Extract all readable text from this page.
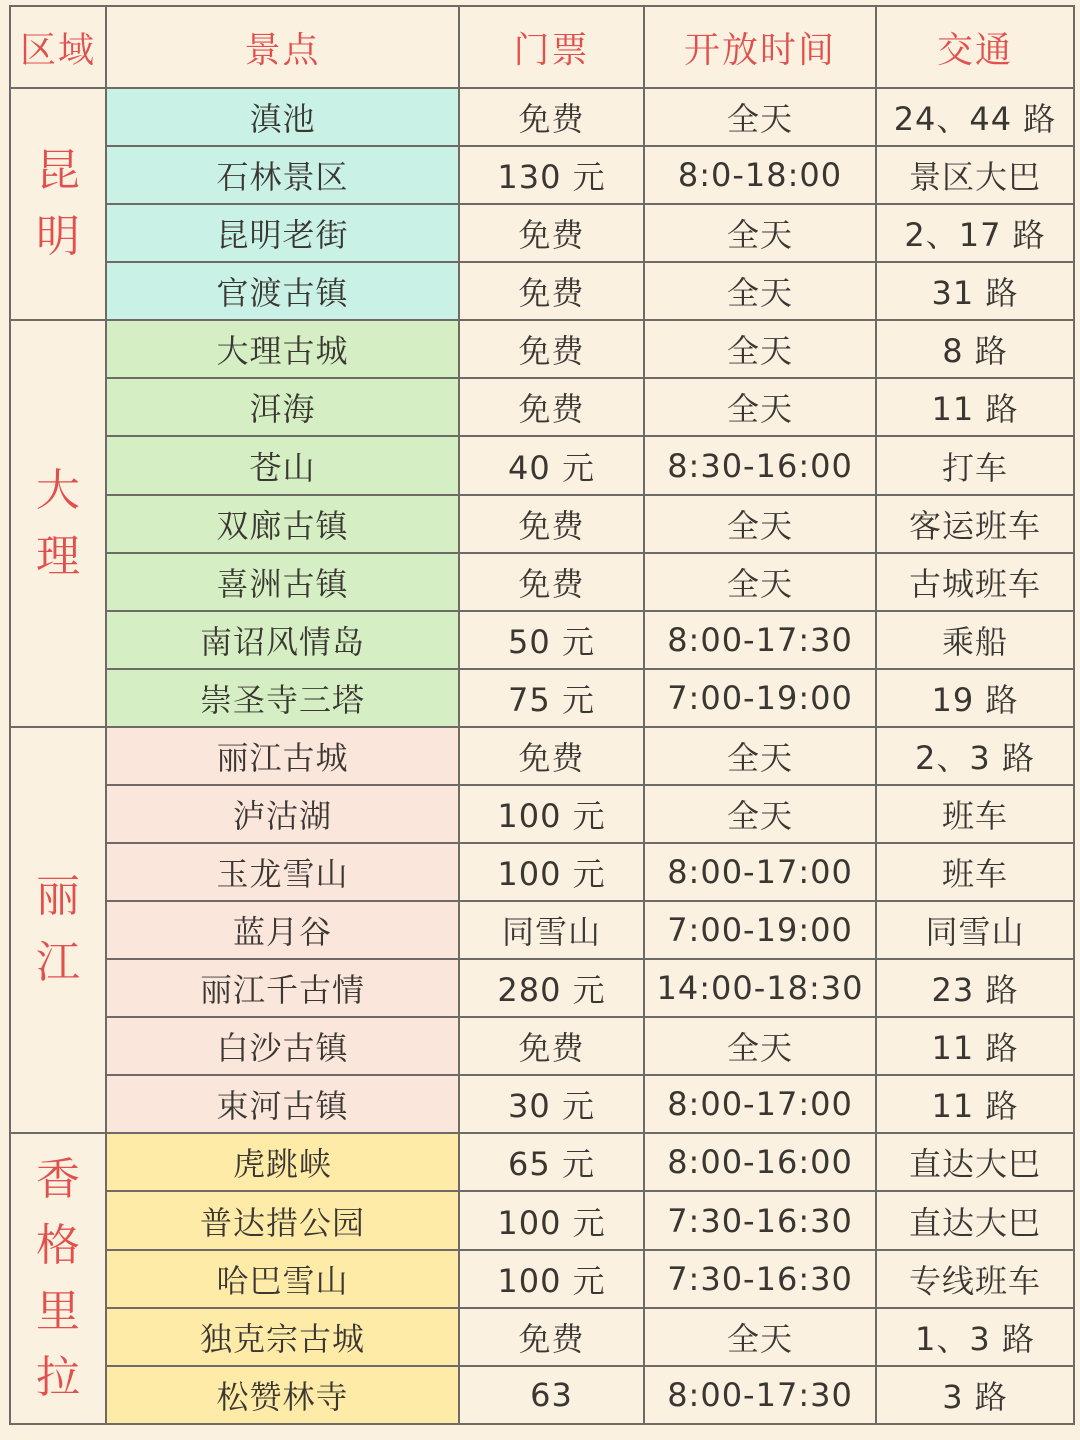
区域	景点	门票	开放时间	交通
昆明	滇池	免费	全天	24、44 路
	石林景区	130 元	8:0-18:00	景区大巴
	昆明老街	免费	全天	2、17 路
	官渡古镇	免费	全天	31 路
大理	大理古城	免费	全天	8 路
	洱海	免费	全天	11 路
	苍山	40 元	8:30-16:00	打车
	双廊古镇	免费	全天	客运班车
	喜洲古镇	免费	全天	古城班车
	南诏风情岛	50 元	8:00-17:30	乘船
	崇圣寺三塔	75 元	7:00-19:00	19 路
丽江	丽江古城	免费	全天	2、3 路
	泸沽湖	100 元	全天	班车
	玉龙雪山	100 元	8:00-17:00	班车
	蓝月谷	同雪山	7:00-19:00	同雪山
	丽江千古情	280 元	14:00-18:30	23 路
	白沙古镇	免费	全天	11 路
	束河古镇	30 元	8:00-17:00	11 路
香格里拉	虎跳峡	65 元	8:00-16:00	直达大巴
	普达措公园	100 元	7:30-16:30	直达大巴
	哈巴雪山	100 元	7:30-16:30	专线班车
	独克宗古城	免费	全天	1、3 路
	松赞林寺	63	8:00-17:30	3 路
